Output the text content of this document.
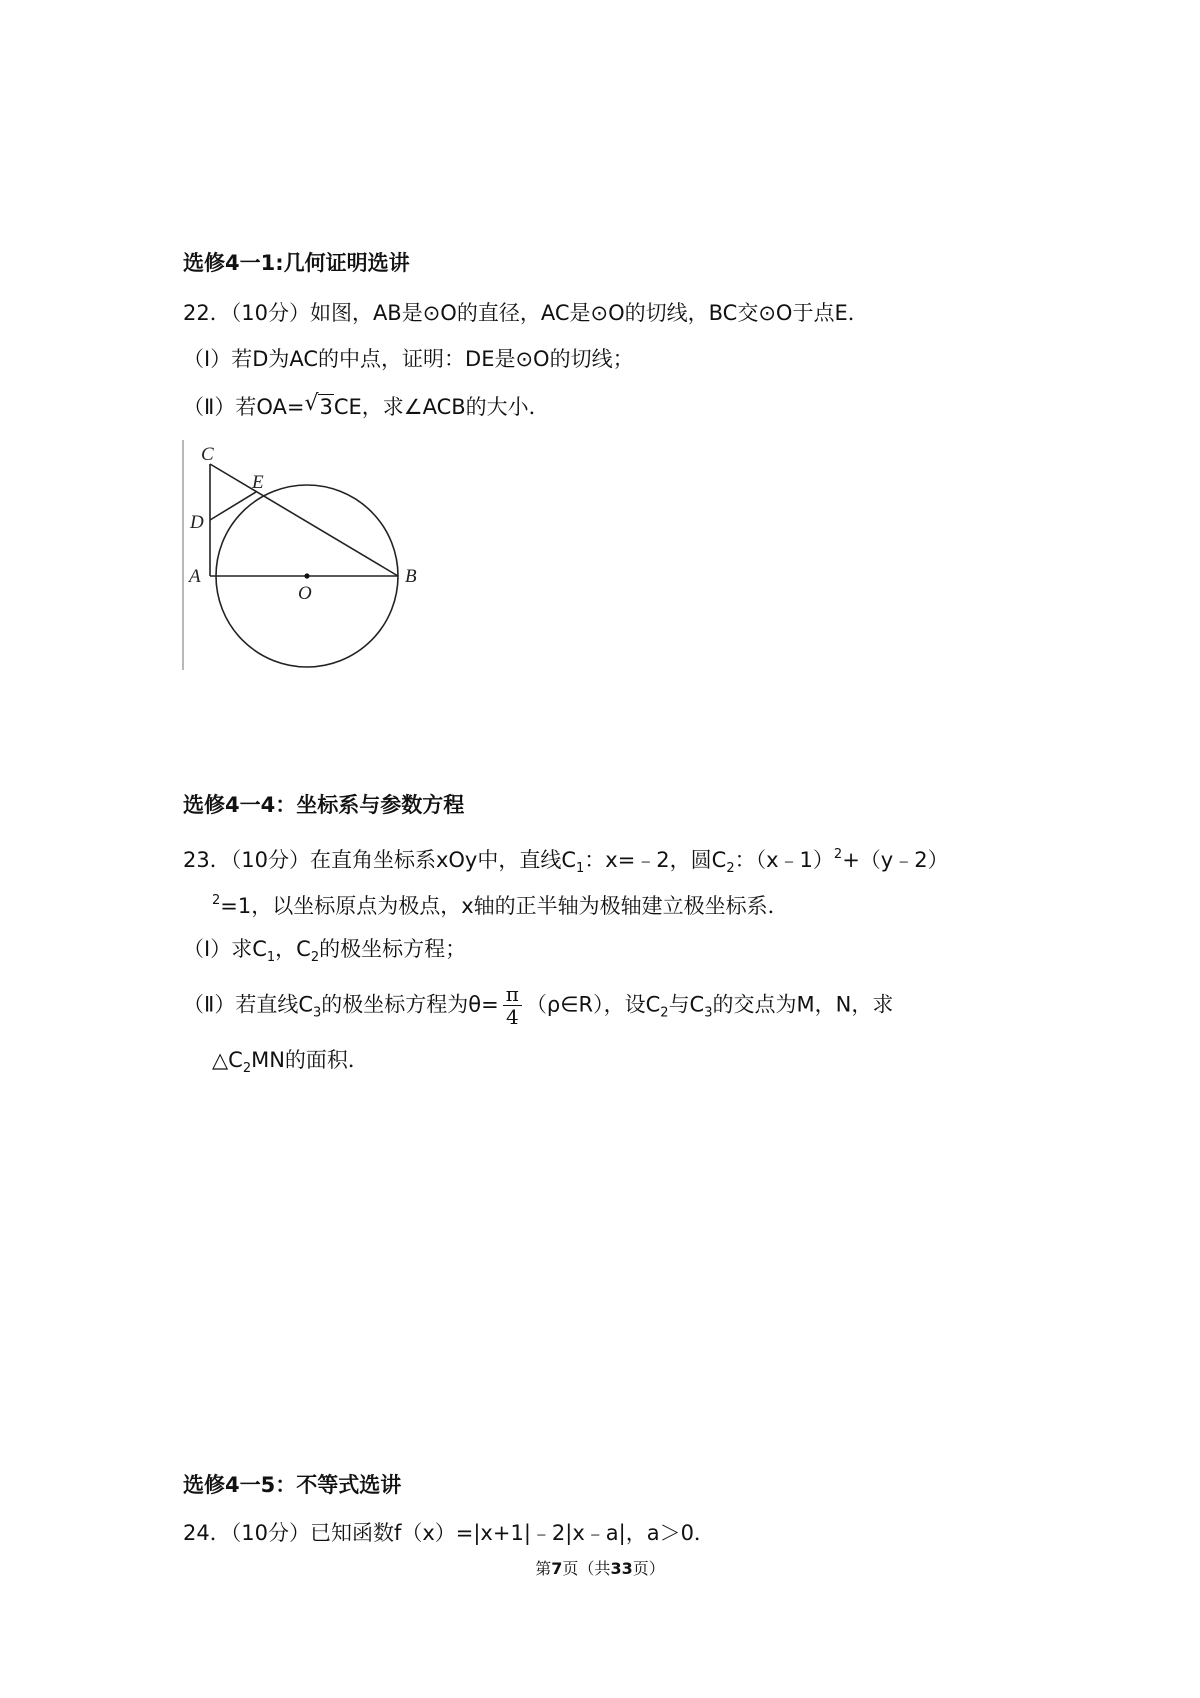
选修4一1:几何证明选讲
22．（10分）如图，AB是⊙O的直径，AC是⊙O的切线，BC交⊙O于点E．
（Ⅰ）若D为AC的中点，证明：DE是⊙O的切线；
（Ⅱ）若OA= √ 3CE，求∠ACB的大小．
C
E
D
A
O
B
选修4一4：坐标系与参数方程
23．（10分）在直角坐标系xOy中，直线$C_1$：x=﹣2，圆$C_2$：（x﹣1）$^2$+（y﹣2）
$^2$=1，以坐标原点为极点，x轴的正半轴为极轴建立极坐标系．
（Ⅰ）求$C_1$，$C_2$的极坐标方程；
（Ⅱ）若直线$C_3$的极坐标方程为$\theta= \frac{\pi}{4}$ （ρ∈R），设$C_2$与$C_3$的交点为M，N，求
$\triangle C_2MN$的面积．
选修4一5：不等式选讲
24．（10分）已知函数f（x）=|x+1|﹣2|x﹣a|，a＞0．
第7页（共33页）
